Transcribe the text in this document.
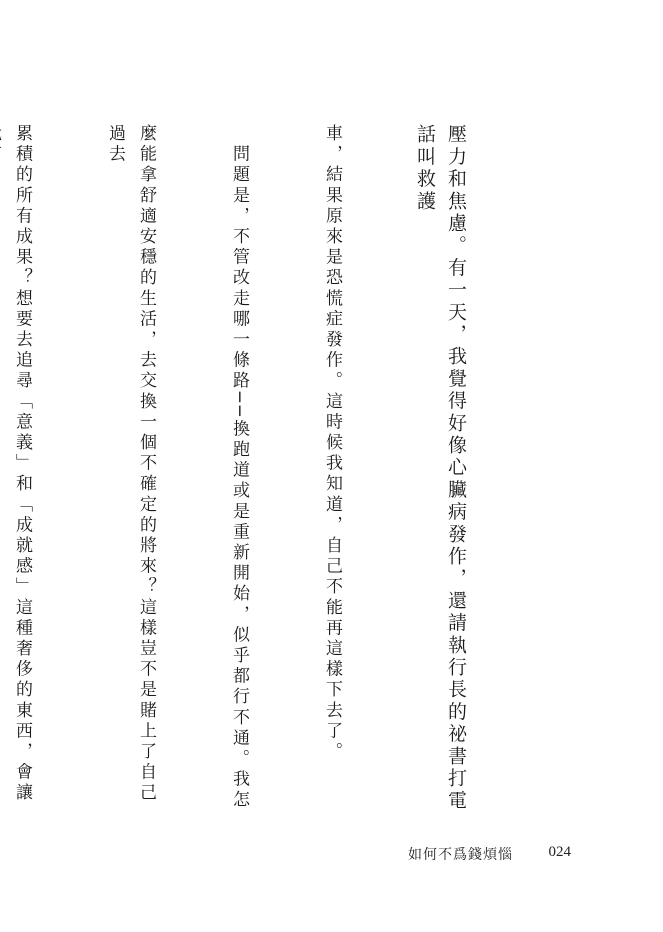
壓力和焦慮。有一天，我覺得好像心臟病發作，還請執行長的祕書打電話叫救護

車，結果原來是恐慌症發作。這時候我知道，自己不能再這樣下去了。

　問題是，不管改走哪一條路──換跑道或是重新開始，似乎都行不通。我怎

麼能拿舒適安穩的生活，去交換一個不確定的將來？這樣豈不是賭上了自己過去

累積的所有成果？想要去追尋「意義」和「成就感」這種奢侈的東西，會讓

如何不爲錢煩惱 024
